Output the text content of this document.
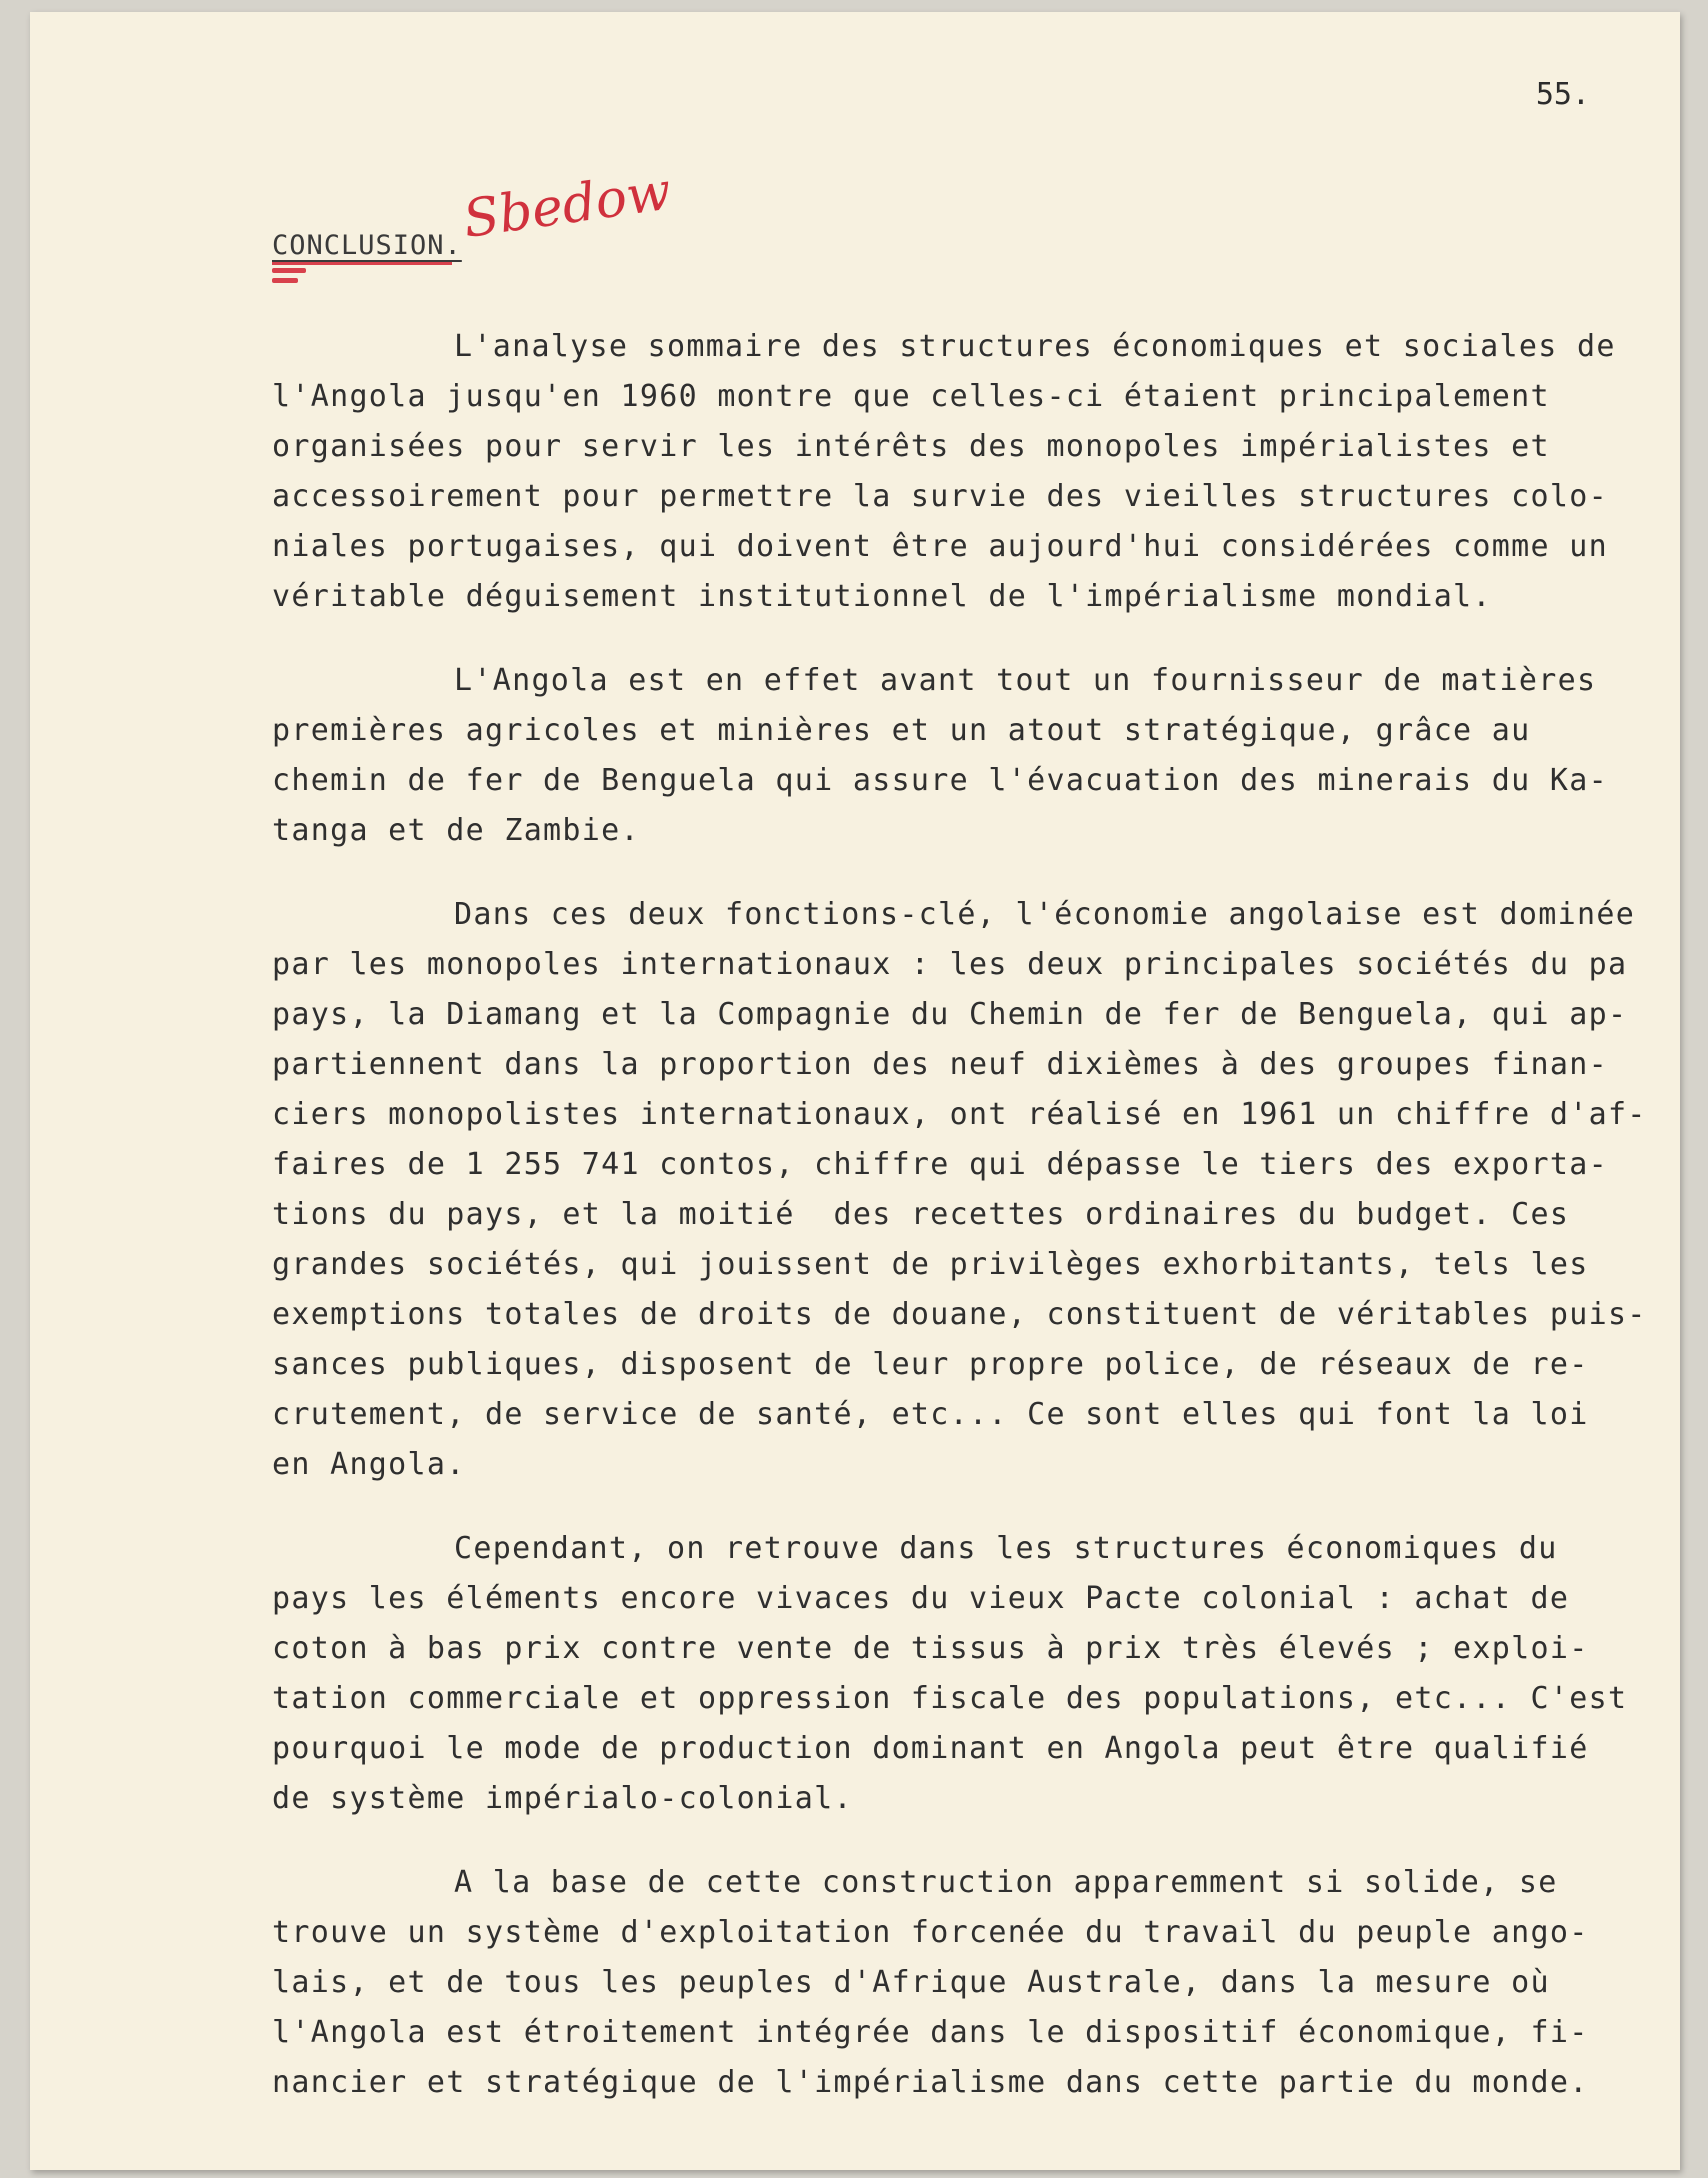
55.
CONCLUSION.Sbedow
L'analyse sommaire des structures économiques et sociales de
l'Angola jusqu'en 1960 montre que celles-ci étaient principalement
organisées pour servir les intérêts des monopoles impérialistes et
accessoirement pour permettre la survie des vieilles structures colo-
niales portugaises, qui doivent être aujourd'hui considérées comme un
véritable déguisement institutionnel de l'impérialisme mondial.
L'Angola est en effet avant tout un fournisseur de matières
premières agricoles et minières et un atout stratégique, grâce au
chemin de fer de Benguela qui assure l'évacuation des minerais du Ka-
tanga et de Zambie.
Dans ces deux fonctions-clé, l'économie angolaise est dominée
par les monopoles internationaux : les deux principales sociétés du pa
pays, la Diamang et la Compagnie du Chemin de fer de Benguela, qui ap-
partiennent dans la proportion des neuf dixièmes à des groupes finan-
ciers monopolistes internationaux, ont réalisé en 1961 un chiffre d'af-
faires de 1 255 741 contos, chiffre qui dépasse le tiers des exporta-
tions du pays, et la moitié  des recettes ordinaires du budget. Ces
grandes sociétés, qui jouissent de privilèges exhorbitants, tels les
exemptions totales de droits de douane, constituent de véritables puis-
sances publiques, disposent de leur propre police, de réseaux de re-
crutement, de service de santé, etc... Ce sont elles qui font la loi
en Angola.
Cependant, on retrouve dans les structures économiques du
pays les éléments encore vivaces du vieux Pacte colonial : achat de
coton à bas prix contre vente de tissus à prix très élevés ; exploi-
tation commerciale et oppression fiscale des populations, etc... C'est
pourquoi le mode de production dominant en Angola peut être qualifié
de système impérialo-colonial.
A la base de cette construction apparemment si solide, se
trouve un système d'exploitation forcenée du travail du peuple ango-
lais, et de tous les peuples d'Afrique Australe, dans la mesure où
l'Angola est étroitement intégrée dans le dispositif économique, fi-
nancier et stratégique de l'impérialisme dans cette partie du monde.
